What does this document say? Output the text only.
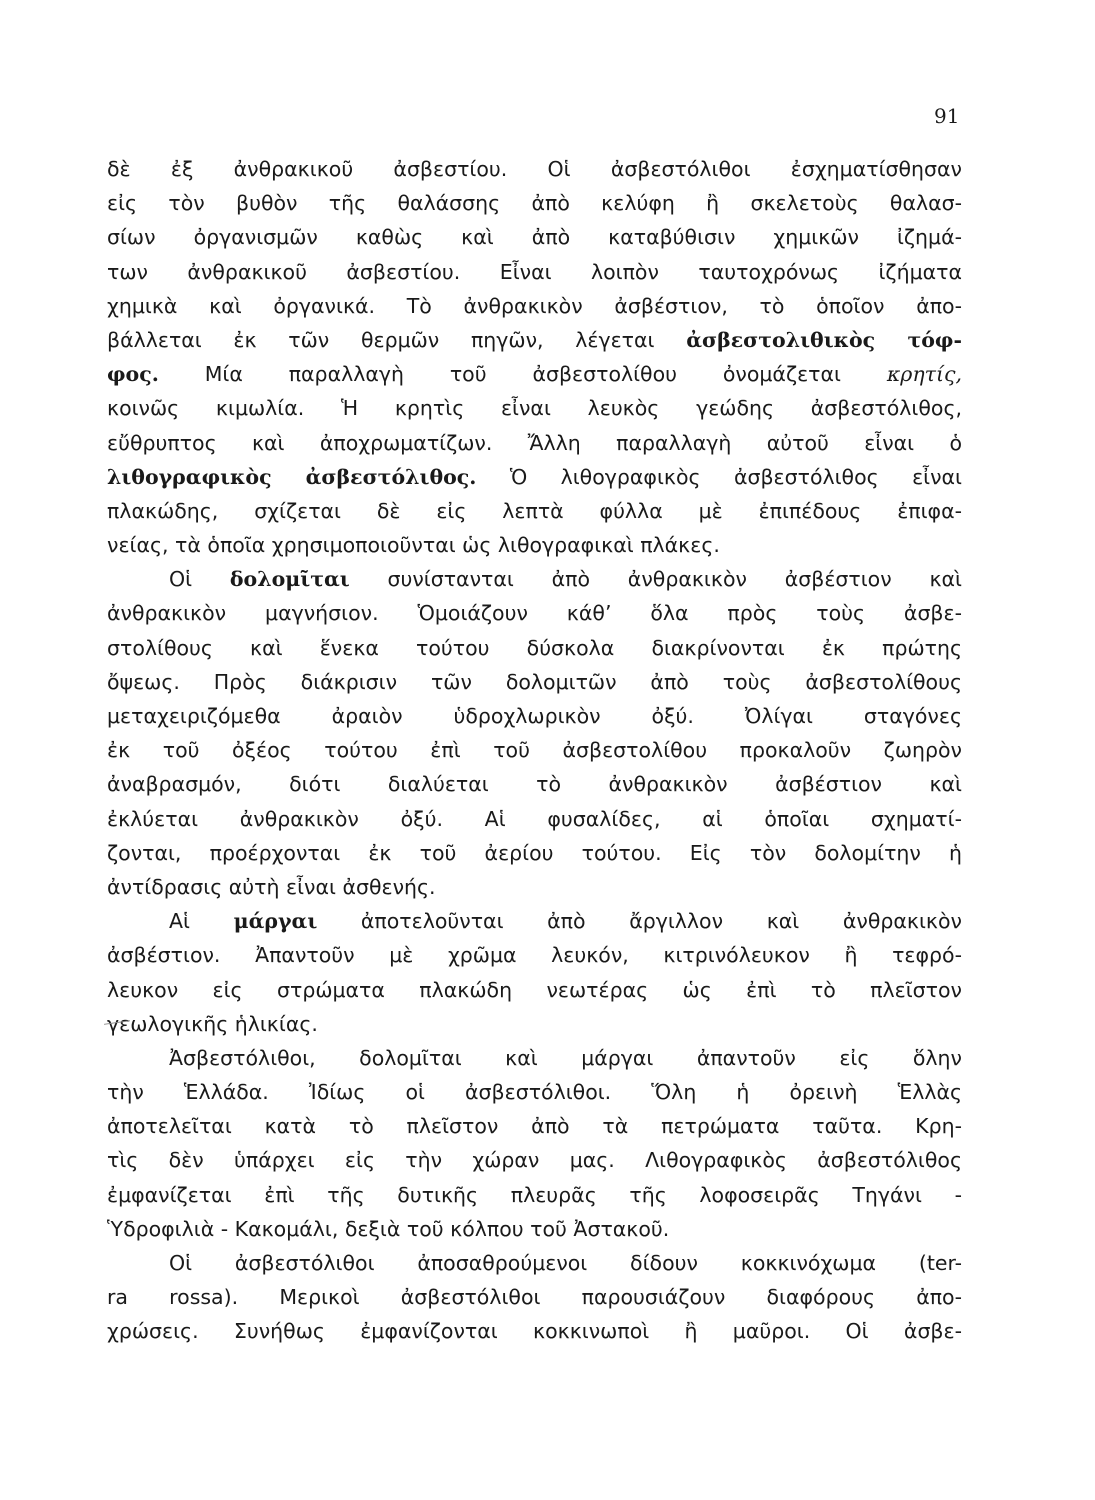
91
δὲ ἐξ ἀνθρακικοῦ ἀσβεστίου. Οἱ ἀσβεστόλιθοι ἐσχηματίσθησαν
εἰς τὸν βυθὸν τῆς θαλάσσης ἀπὸ κελύφη ἢ σκελετοὺς θαλασ-
σίων ὀργανισμῶν καθὼς καὶ ἀπὸ καταβύθισιν χημικῶν ἰζημά-
των ἀνθρακικοῦ ἀσβεστίου. Εἶναι λοιπὸν ταυτοχρόνως ἰζήματα
χημικὰ καὶ ὀργανικά. Τὸ ἀνθρακικὸν ἀσβέστιον, τὸ ὁποῖον ἀπο-
βάλλεται ἐκ τῶν θερμῶν πηγῶν, λέγεται ἀσβεστολιθικὸς τόφ-
φος. Μία παραλλαγὴ τοῦ ἀσβεστολίθου ὀνομάζεται κρητίς,
κοινῶς κιμωλία. Ἡ κρητὶς εἶναι λευκὸς γεώδης ἀσβεστόλιθος,
εὔθρυπτος καὶ ἀποχρωματίζων. Ἄλλη παραλλαγὴ αὐτοῦ εἶναι ὁ
λιθογραφικὸς ἀσβεστόλιθος. Ὁ λιθογραφικὸς ἀσβεστόλιθος εἶναι
πλακώδης, σχίζεται δὲ εἰς λεπτὰ φύλλα μὲ ἐπιπέδους ἐπιφα-
νείας, τὰ ὁποῖα χρησιμοποιοῦνται ὡς λιθογραφικαὶ πλάκες.
Οἱ δολομῖται συνίστανται ἀπὸ ἀνθρακικὸν ἀσβέστιον καὶ
ἀνθρακικὸν μαγνήσιον. Ὁμοιάζουν κάθ’ ὅλα πρὸς τοὺς ἀσβε-
στολίθους καὶ ἕνεκα τούτου δύσκολα διακρίνονται ἐκ πρώτης
ὄψεως. Πρὸς διάκρισιν τῶν δολομιτῶν ἀπὸ τοὺς ἀσβεστολίθους
μεταχειριζόμεθα ἀραιὸν ὑδροχλωρικὸν ὀξύ. Ὀλίγαι σταγόνες
ἐκ τοῦ ὀξέος τούτου ἐπὶ τοῦ ἀσβεστολίθου προκαλοῦν ζωηρὸν
ἀναβρασμόν, διότι διαλύεται τὸ ἀνθρακικὸν ἀσβέστιον καὶ
ἐκλύεται ἀνθρακικὸν ὀξύ. Αἱ φυσαλίδες, αἱ ὁποῖαι σχηματί-
ζονται, προέρχονται ἐκ τοῦ ἀερίου τούτου. Εἰς τὸν δολομίτην ἡ
ἀντίδρασις αὐτὴ εἶναι ἀσθενής.
Αἱ μάργαι ἀποτελοῦνται ἀπὸ ἄργιλλον καὶ ἀνθρακικὸν
ἀσβέστιον. Ἀπαντοῦν μὲ χρῶμα λευκόν, κιτρινόλευκον ἢ τεφρό-
λευκον εἰς στρώματα πλακώδη νεωτέρας ὡς ἐπὶ τὸ πλεῖστον
γεωλογικῆς ἡλικίας.
Ἀσβεστόλιθοι, δολομῖται καὶ μάργαι ἀπαντοῦν εἰς ὅλην
τὴν Ἑλλάδα. Ἰδίως οἱ ἀσβεστόλιθοι. Ὅλη ἡ ὀρεινὴ Ἑλλὰς
ἀποτελεῖται κατὰ τὸ πλεῖστον ἀπὸ τὰ πετρώματα ταῦτα. Κρη-
τὶς δὲν ὑπάρχει εἰς τὴν χώραν μας. Λιθογραφικὸς ἀσβεστόλιθος
ἐμφανίζεται ἐπὶ τῆς δυτικῆς πλευρᾶς τῆς λοφοσειρᾶς Τηγάνι -
Ὑδροφιλιὰ - Κακομάλι, δεξιὰ τοῦ κόλπου τοῦ Ἀστακοῦ.
Οἱ ἀσβεστόλιθοι ἀποσαθρούμενοι δίδουν κοκκινόχωμα (ter-
ra rossa). Μερικοὶ ἀσβεστόλιθοι παρουσιάζουν διαφόρους ἀπο-
χρώσεις. Συνήθως ἐμφανίζονται κοκκινωποὶ ἢ μαῦροι. Οἱ ἀσβε-
